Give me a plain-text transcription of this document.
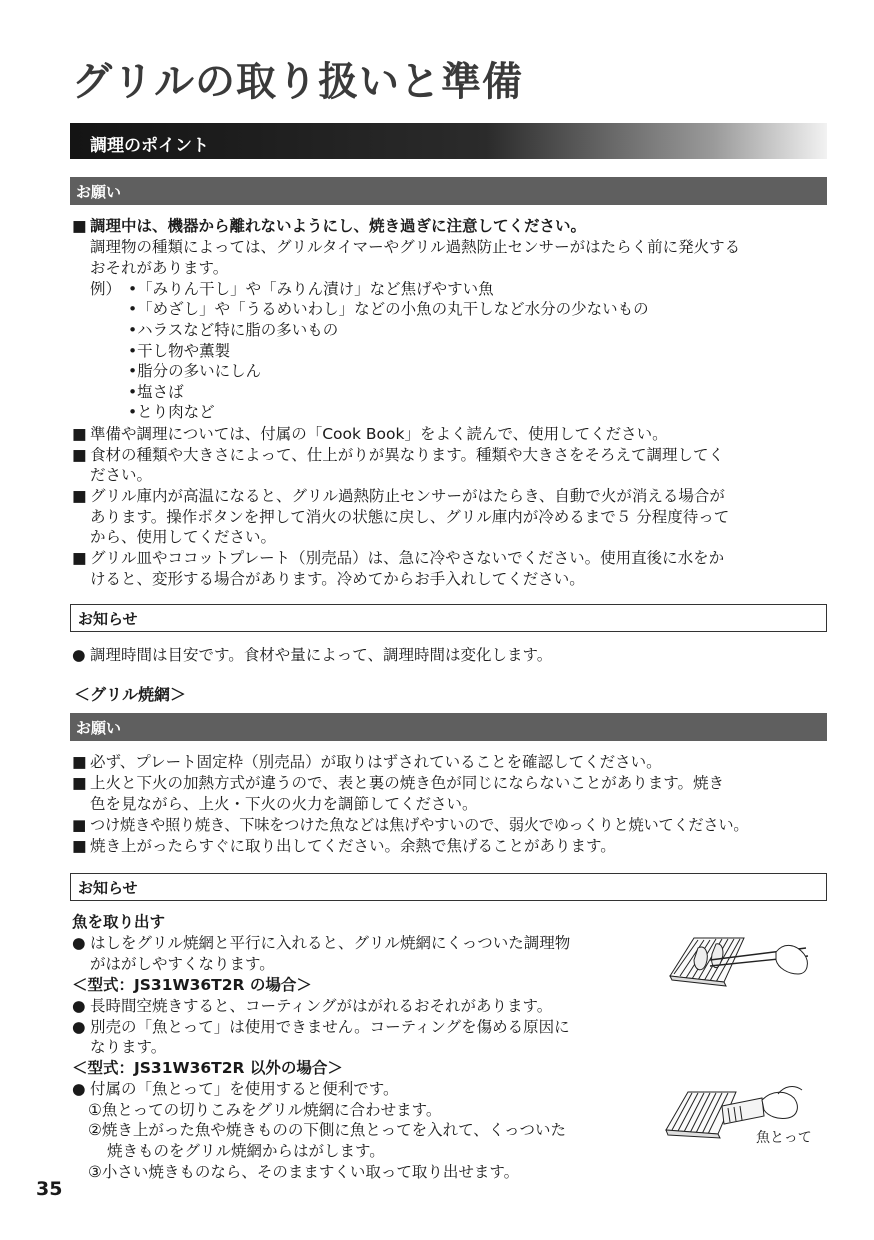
グリルの取り扱いと準備
調理のポイント
お願い
■ 調理中は、機器から離れないようにし、焼き過ぎに注意してください。
調理物の種類によっては、グリルタイマーやグリル過熱防止センサーがはたらく前に発火する
おそれがあります。
例） •「みりん干し」や「みりん漬け」など焦げやすい魚
•「めざし」や「うるめいわし」などの小魚の丸干しなど水分の少ないもの
•ハラスなど特に脂の多いもの
•干し物や薫製
•脂分の多いにしん
•塩さば
•とり肉など
■ 準備や調理については、付属の「Cook Book」をよく読んで、使用してください。
■ 食材の種類や大きさによって、仕上がりが異なります。種類や大きさをそろえて調理してく
ださい。
■ グリル庫内が高温になると、グリル過熱防止センサーがはたらき、自動で火が消える場合が
あります。操作ボタンを押して消火の状態に戻し、グリル庫内が冷めるまで５ 分程度待って
から、使用してください。
■ グリル皿やココットプレート（別売品）は、急に冷やさないでください。使用直後に水をか
けると、変形する場合があります。冷めてからお手入れしてください。
お知らせ
● 調理時間は目安です。食材や量によって、調理時間は変化します。
＜グリル焼網＞
お願い
■ 必ず、プレート固定枠（別売品）が取りはずされていることを確認してください。
■ 上火と下火の加熱方式が違うので、表と裏の焼き色が同じにならないことがあります。焼き
色を見ながら、上火・下火の火力を調節してください。
■ つけ焼きや照り焼き、下味をつけた魚などは焦げやすいので、弱火でゆっくりと焼いてください。
■ 焼き上がったらすぐに取り出してください。余熱で焦げることがあります。
お知らせ
魚を取り出す
● はしをグリル焼網と平行に入れると、グリル焼網にくっついた調理物
がはがしやすくなります。
＜型式：JS31W36T2R の場合＞
● 長時間空焼きすると、コーティングがはがれるおそれがあります。
● 別売の「魚とって」は使用できません。コーティングを傷める原因に
なります。
＜型式：JS31W36T2R 以外の場合＞
● 付属の「魚とって」を使用すると便利です。
①魚とっての切りこみをグリル焼網に合わせます。
②焼き上がった魚や焼きものの下側に魚とってを入れて、くっついた
焼きものをグリル焼網からはがします。
③小さい焼きものなら、そのまますくい取って取り出せます。
魚とって
35
